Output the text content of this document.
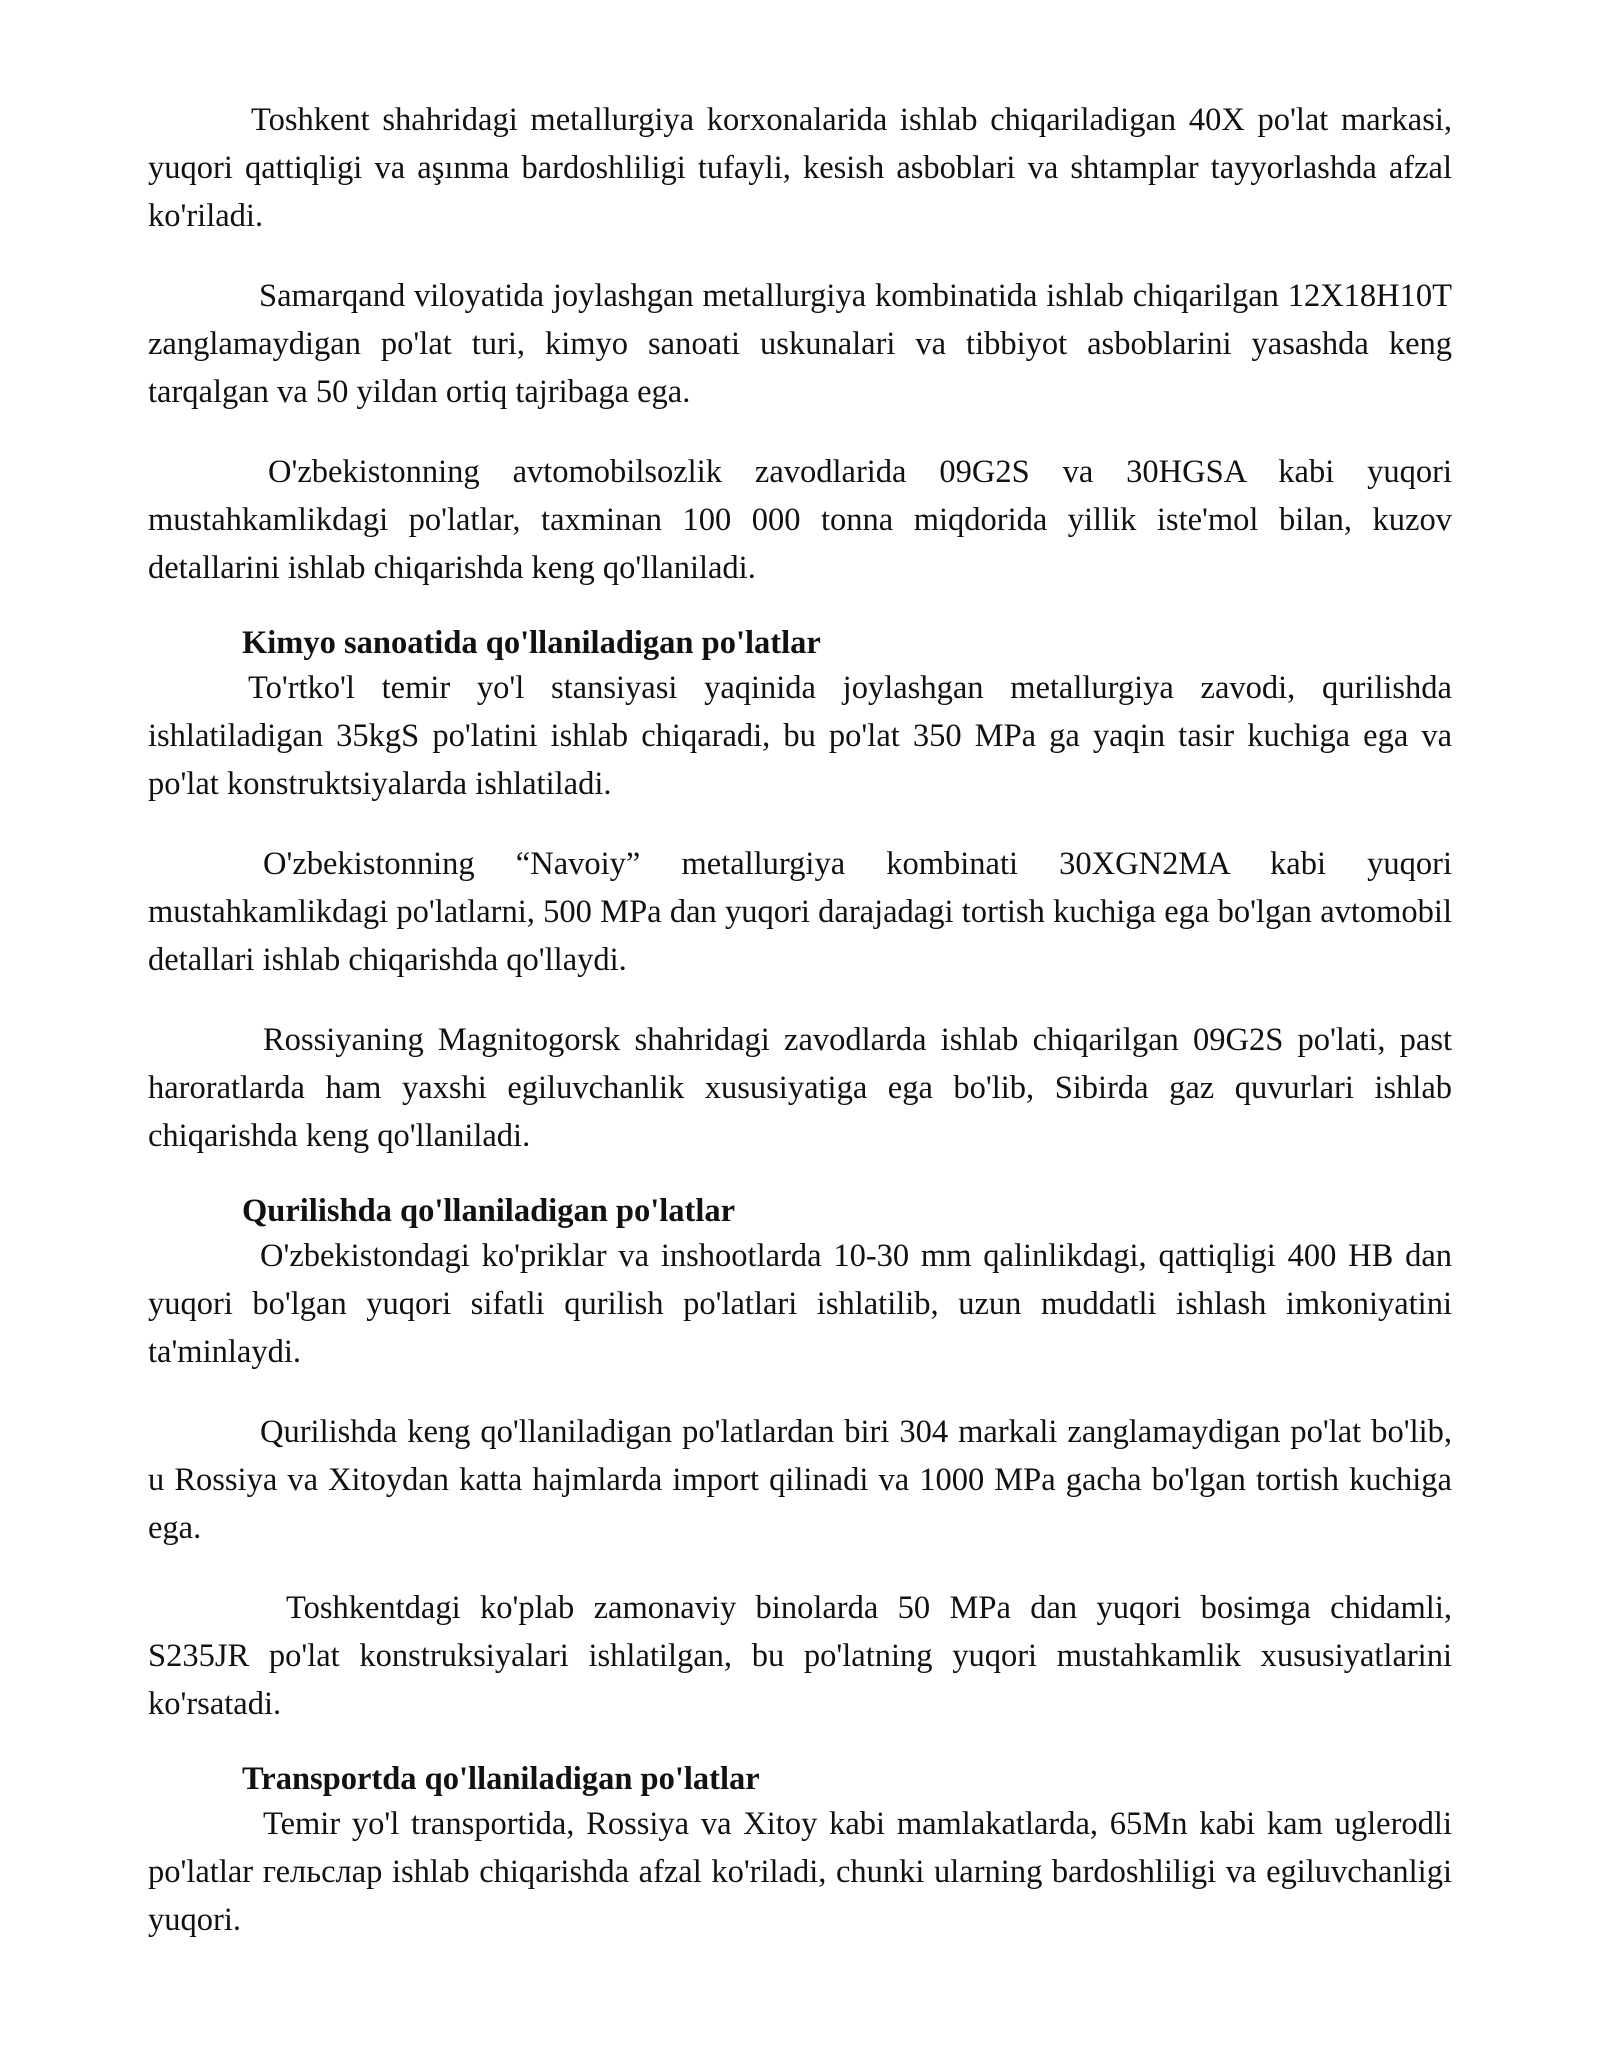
Toshkent shahridagi metallurgiya korxonalarida ishlab chiqariladigan 40X po'lat markasi, yuqori qattiqligi va aşınma bardoshliligi tufayli, kesish asboblari va shtamplar tayyorlashda afzal ko'riladi.

Samarqand viloyatida joylashgan metallurgiya kombinatida ishlab chiqarilgan 12X18H10T zanglamaydigan po'lat turi, kimyo sanoati uskunalari va tibbiyot asboblarini yasashda keng tarqalgan va 50 yildan ortiq tajribaga ega.

O'zbekistonning avtomobilsozlik zavodlarida 09G2S va 30HGSA kabi yuqori mustahkamlikdagi po'latlar, taxminan 100 000 tonna miqdorida yillik iste'mol bilan, kuzov detallarini ishlab chiqarishda keng qo'llaniladi.

Kimyo sanoatida qo'llaniladigan po'latlar

To'rtko'l temir yo'l stansiyasi yaqinida joylashgan metallurgiya zavodi, qurilishda ishlatiladigan 35kgS po'latini ishlab chiqaradi, bu po'lat 350 MPa ga yaqin tasir kuchiga ega va po'lat konstruktsiyalarda ishlatiladi.

O'zbekistonning “Navoiy” metallurgiya kombinati 30XGN2MA kabi yuqori mustahkamlikdagi po'latlarni, 500 MPa dan yuqori darajadagi tortish kuchiga ega bo'lgan avtomobil detallari ishlab chiqarishda qo'llaydi.

Rossiyaning Magnitogorsk shahridagi zavodlarda ishlab chiqarilgan 09G2S po'lati, past haroratlarda ham yaxshi egiluvchanlik xususiyatiga ega bo'lib, Sibirda gaz quvurlari ishlab chiqarishda keng qo'llaniladi.

Qurilishda qo'llaniladigan po'latlar

O'zbekistondagi ko'priklar va inshootlarda 10-30 mm qalinlikdagi, qattiqligi 400 HB dan yuqori bo'lgan yuqori sifatli qurilish po'latlari ishlatilib, uzun muddatli ishlash imkoniyatini ta'minlaydi.

Qurilishda keng qo'llaniladigan po'latlardan biri 304 markali zanglamaydigan po'lat bo'lib, u Rossiya va Xitoydan katta hajmlarda import qilinadi va 1000 MPa gacha bo'lgan tortish kuchiga ega.

Toshkentdagi ko'plab zamonaviy binolarda 50 MPa dan yuqori bosimga chidamli, S235JR po'lat konstruksiyalari ishlatilgan, bu po'latning yuqori mustahkamlik xususiyatlarini ko'rsatadi.

Transportda qo'llaniladigan po'latlar

Temir yo'l transportida, Rossiya va Xitoy kabi mamlakatlarda, 65Mn kabi kam uglerodli po'latlar гельслар ishlab chiqarishda afzal ko'riladi, chunki ularning bardoshliligi va egiluvchanligi yuqori.
